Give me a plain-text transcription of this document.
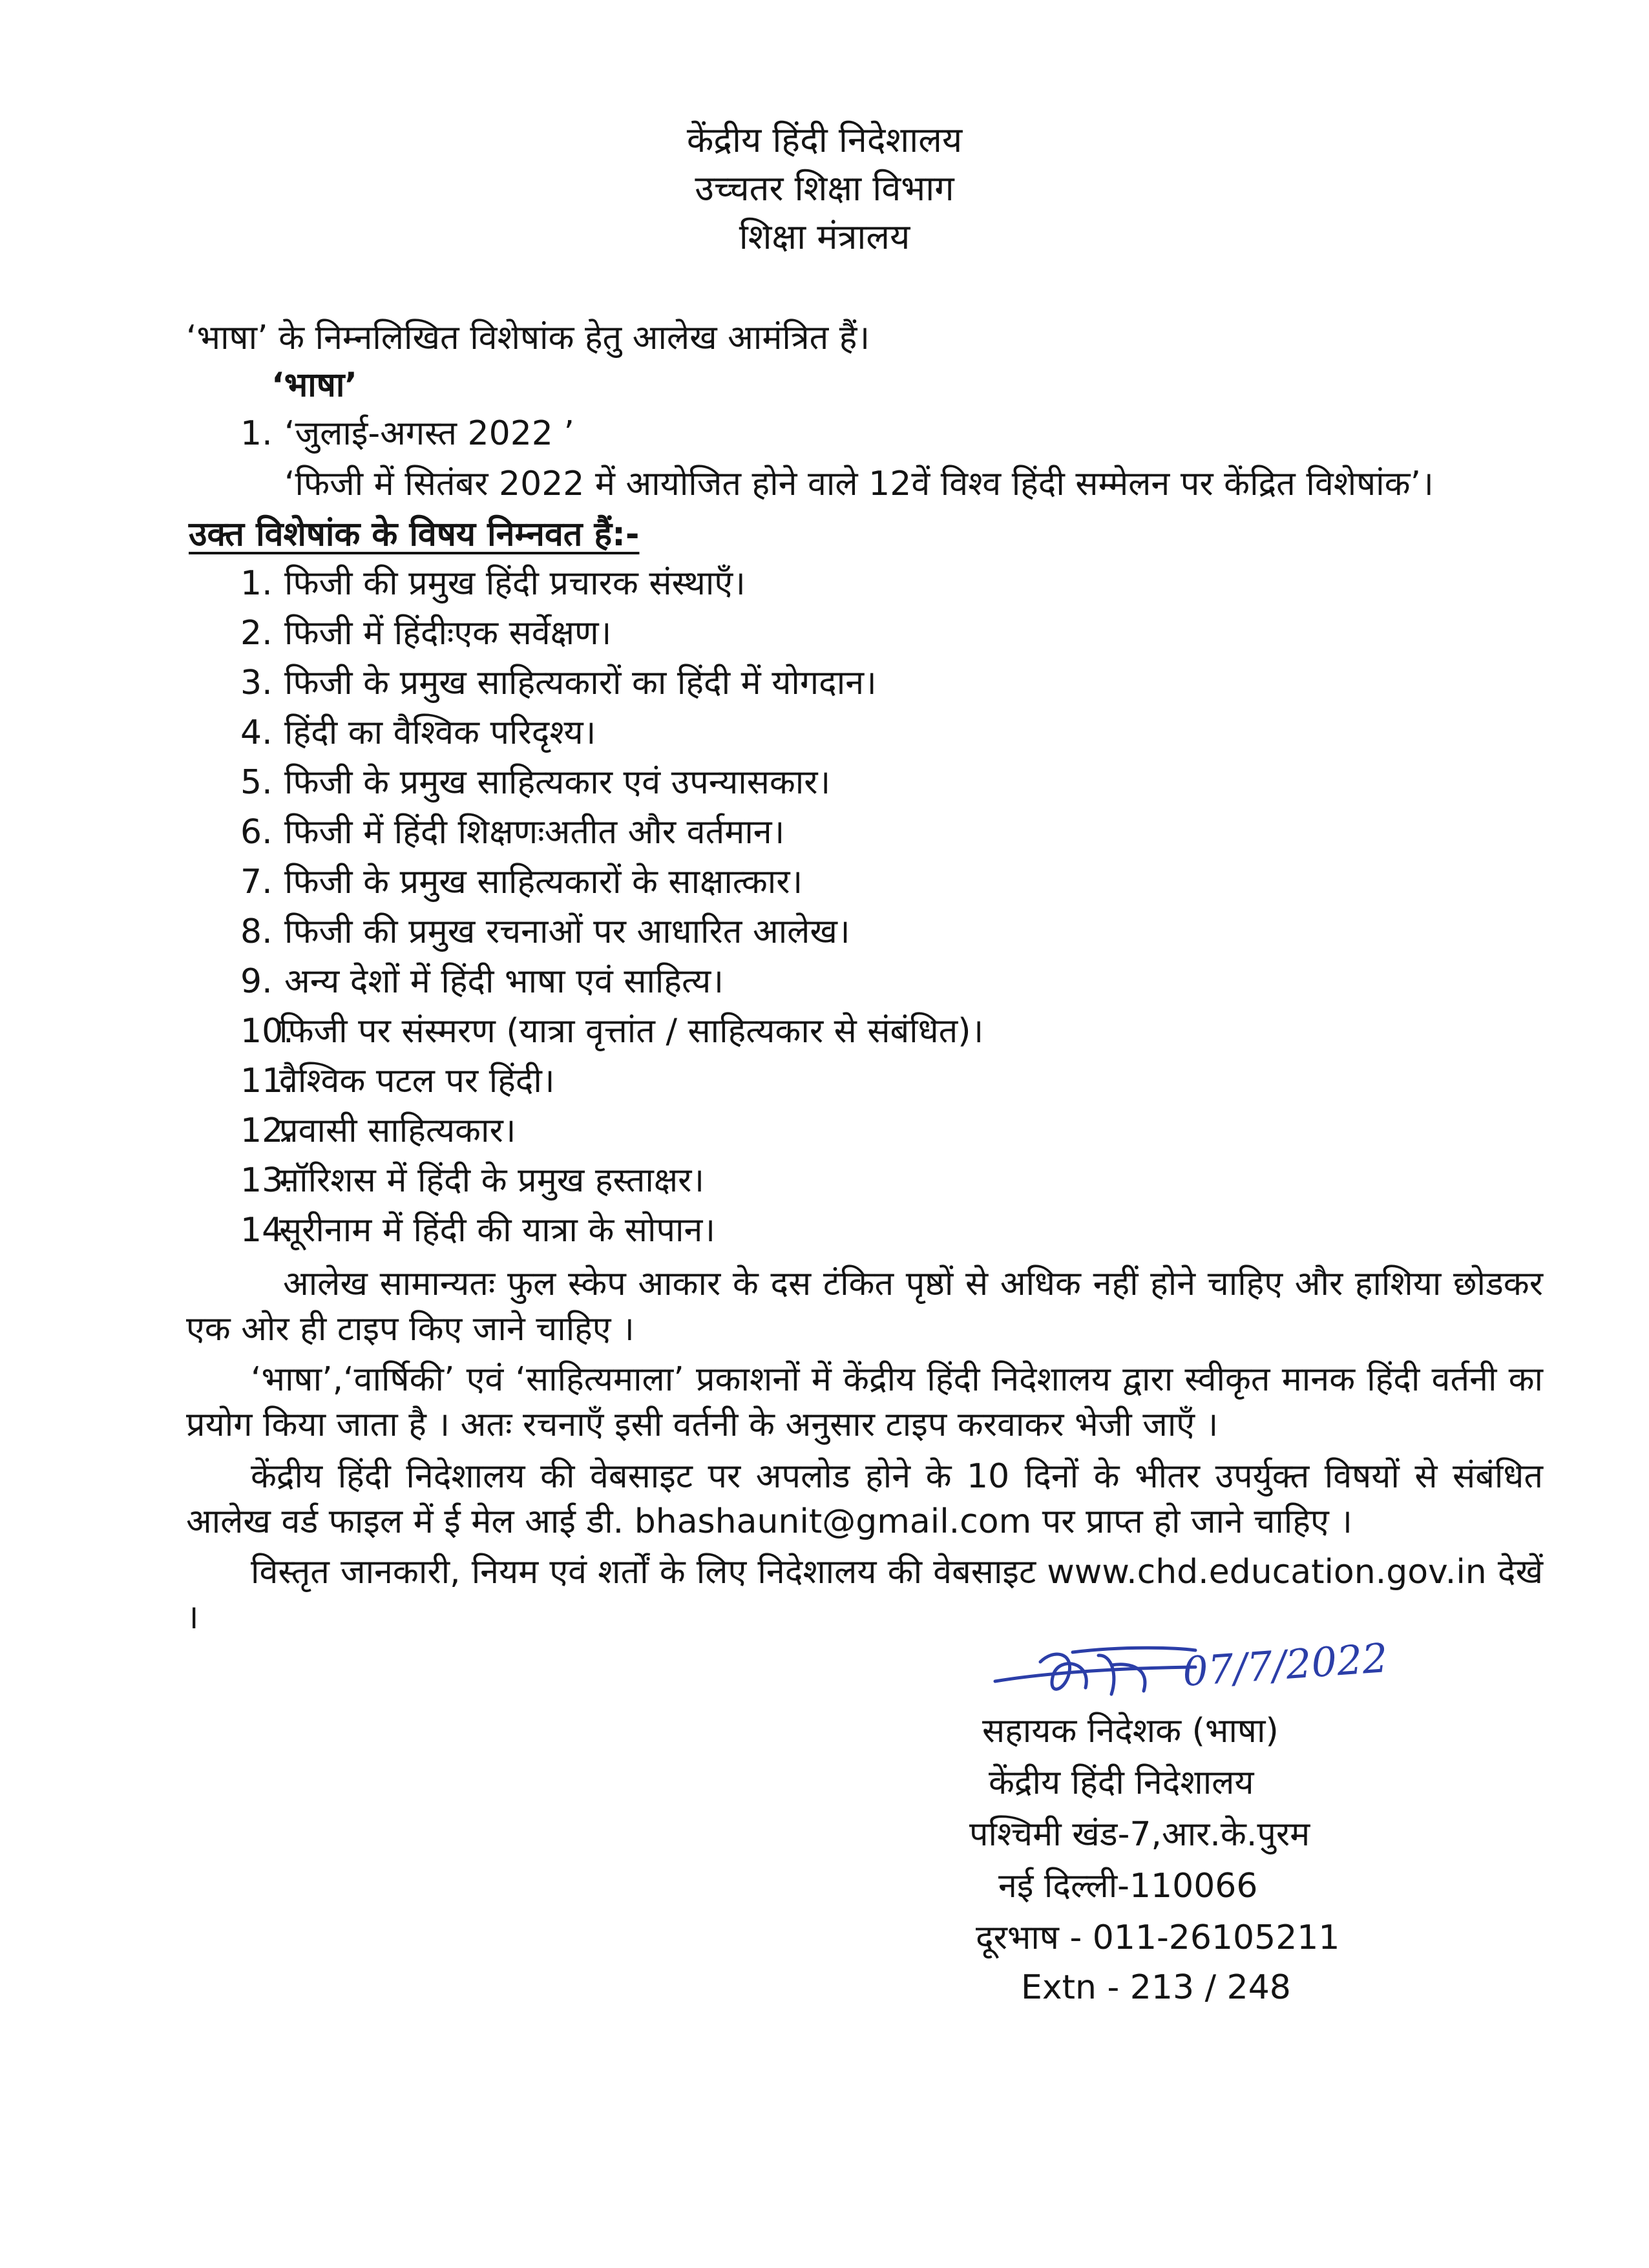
केंद्रीय हिंदी निदेशालय
उच्चतर शिक्षा विभाग
शिक्षा मंत्रालय
‘भाषा’ के निम्नलिखित विशेषांक हेतु आलेख आमंत्रित हैं।
‘भाषा’
1. ‘जुलाई-अगस्त 2022 ’
‘फिजी में सितंबर 2022 में आयोजित होने वाले 12वें विश्व हिंदी सम्मेलन पर केंद्रित विशेषांक’।
उक्त विशेषांक के विषय निम्नवत हैं:-
1. फिजी की प्रमुख हिंदी प्रचारक संस्थाएँ।
2. फिजी में हिंदीःएक सर्वेक्षण।
3. फिजी के प्रमुख साहित्यकारों का हिंदी में योगदान।
4. हिंदी का वैश्विक परिदृश्य।
5. फिजी के प्रमुख साहित्यकार एवं उपन्यासकार।
6. फिजी में हिंदी शिक्षणःअतीत और वर्तमान।
7. फिजी के प्रमुख साहित्यकारों के साक्षात्कार।
8. फिजी की प्रमुख रचनाओं पर आधारित आलेख।
9. अन्य देशों में हिंदी भाषा एवं साहित्य।
10.
फिजी पर संस्मरण (यात्रा वृत्तांत / साहित्यकार से संबंधित)।
11.
वैश्विक पटल पर हिंदी।
12.
प्रवासी साहित्यकार।
13.
मॉरिशस में हिंदी के प्रमुख हस्ताक्षर।
14.
सूरीनाम में हिंदी की यात्रा के सोपान।
आलेख सामान्यतः फुल स्केप आकार के दस टंकित पृष्ठों से अधिक नहीं होने चाहिए और हाशिया छोडकर एक ओर ही टाइप किए जाने चाहिए ।
‘भाषा’,‘वार्षिकी’ एवं ‘साहित्यमाला’ प्रकाशनों में केंद्रीय हिंदी निदेशालय द्वारा स्वीकृत मानक हिंदी वर्तनी का प्रयोग किया जाता है । अतः रचनाएँ इसी वर्तनी के अनुसार टाइप करवाकर भेजी जाएँ ।
केंद्रीय हिंदी निदेशालय की वेबसाइट पर अपलोड होने के 10 दिनों के भीतर उपर्युक्त विषयों से संबंधित आलेख वर्ड फाइल में ई मेल आई डी. bhashaunit@gmail.com पर प्राप्त हो जाने चाहिए ।
विस्तृत जानकारी, नियम एवं शर्तों के लिए निदेशालय की वेबसाइट www.chd.education.gov.in देखें ।
07/7/2022
सहायक निदेशक (भाषा)
केंद्रीय हिंदी निदेशालय
पश्चिमी खंड-7,आर.के.पुरम
नई दिल्ली-110066
दूरभाष - 011-26105211
Extn - 213 / 248
